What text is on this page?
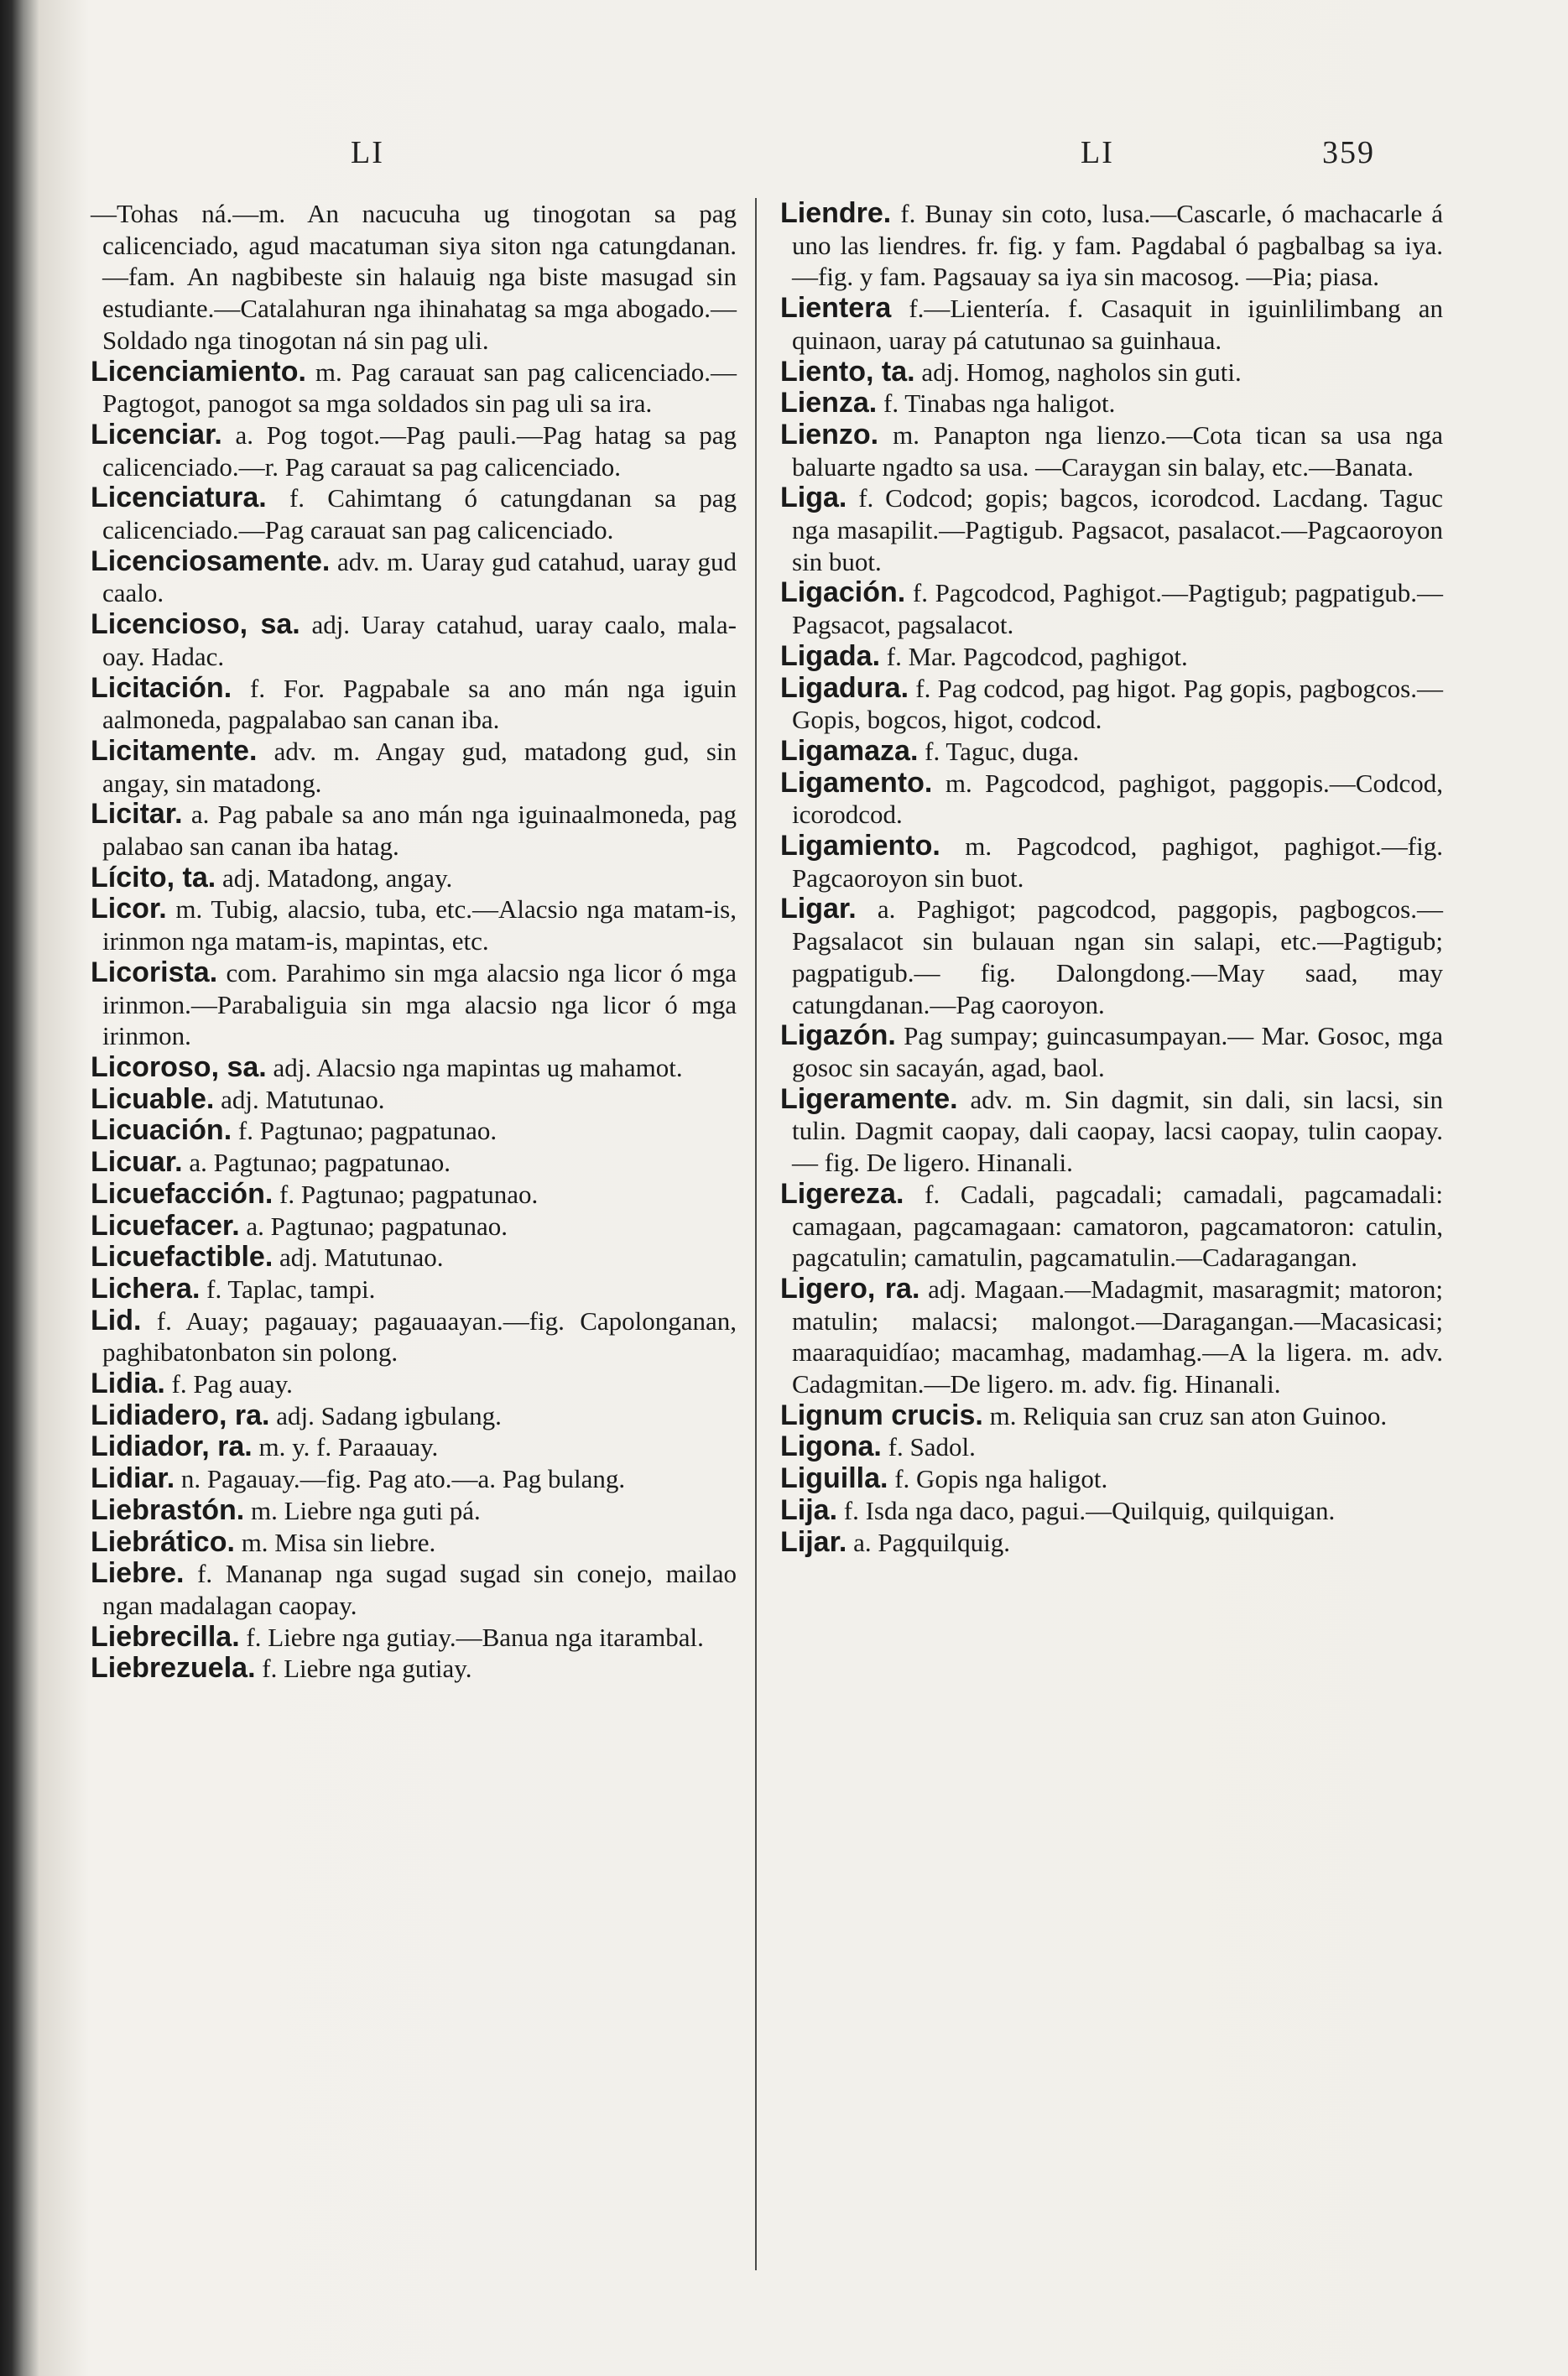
LI	LI	359

—Tohas ná.—m. An nacucuha ug tinogotan sa pag calicenciado, agud macatuman siya siton nga catungdanan.—fam. An nagbibeste sin halauig nga biste masugad sin estudiante.—Catalahuran nga ihinahatag sa mga abogado.—Soldado nga tinogotan ná sin pag uli.

Licenciamiento. m. Pag carauat san pag calicenciado.—Pagtogot, panogot sa mga soldados sin pag uli sa ira.

Licenciar. a. Pog togot.—Pag pauli.—Pag hatag sa pag calicenciado.—r. Pag carauat sa pag calicenciado.

Licenciatura. f. Cahimtang ó catungdanan sa pag calicenciado.—Pag carauat san pag calicenciado.

Licenciosamente. adv. m. Uaray gud catahud, uaray gud caalo.

Licencioso, sa. adj. Uaray catahud, uaray caalo, mala-oay. Hadac.

Licitación. f. For. Pagpabale sa ano mán nga iguin aalmoneda, pagpalabao san canan iba.

Licitamente. adv. m. Angay gud, matadong gud, sin angay, sin matadong.

Licitar. a. Pag pabale sa ano mán nga iguinaalmoneda, pag palabao san canan iba hatag.

Lícito, ta. adj. Matadong, angay.

Licor. m. Tubig, alacsio, tuba, etc.—Alacsio nga matam-is, irinmon nga matam-is, mapintas, etc.

Licorista. com. Parahimo sin mga alacsio nga licor ó mga irinmon.—Parabaliguia sin mga alacsio nga licor ó mga irinmon.

Licoroso, sa. adj. Alacsio nga mapintas ug mahamot.

Licuable. adj. Matutunao.

Licuación. f. Pagtunao; pagpatunao.

Licuar. a. Pagtunao; pagpatunao.

Licuefacción. f. Pagtunao; pagpatunao.

Licuefacer. a. Pagtunao; pagpatunao.

Licuefactible. adj. Matutunao.

Lichera. f. Taplac, tampi.

Lid. f. Auay; pagauay; pagauaayan.—fig. Capolonganan, paghibatonbaton sin polong.

Lidia. f. Pag auay.

Lidiadero, ra. adj. Sadang igbulang.

Lidiador, ra. m. y. f. Paraauay.

Lidiar. n. Pagauay.—fig. Pag ato.—a. Pag bulang.

Liebrastón. m. Liebre nga guti pá.

Liebrático. m. Misa sin liebre.

Liebre. f. Mananap nga sugad sugad sin conejo, mailao ngan madalagan caopay.

Liebrecilla. f. Liebre nga gutiay.—Banua nga itarambal.

Liebrezuela. f. Liebre nga gutiay.

Liendre. f. Bunay sin coto, lusa.—Cascarle, ó machacarle á uno las liendres. fr. fig. y fam. Pagdabal ó pagbalbag sa iya. —fig. y fam. Pagsauay sa iya sin macosog. —Pia; piasa.

Lientera f.—Lientería. f. Casaquit in iguinlilimbang an quinaon, uaray pá catutunao sa guinhaua.

Liento, ta. adj. Homog, nagholos sin guti.

Lienza. f. Tinabas nga haligot.

Lienzo. m. Panapton nga lienzo.—Cota tican sa usa nga baluarte ngadto sa usa. —Caraygan sin balay, etc.—Banata.

Liga. f. Codcod; gopis; bagcos, icorodcod. Lacdang. Taguc nga masapilit.—Pagtigub. Pagsacot, pasalacot.—Pagcaoroyon sin buot.

Ligación. f. Pagcodcod, Paghigot.—Pagtigub; pagpatigub.—Pagsacot, pagsalacot.

Ligada. f. Mar. Pagcodcod, paghigot.

Ligadura. f. Pag codcod, pag higot. Pag gopis, pagbogcos.—Gopis, bogcos, higot, codcod.

Ligamaza. f. Taguc, duga.

Ligamento. m. Pagcodcod, paghigot, paggopis.—Codcod, icorodcod.

Ligamiento. m. Pagcodcod, paghigot, paghigot.—fig. Pagcaoroyon sin buot.

Ligar. a. Paghigot; pagcodcod, paggopis, pagbogcos.—Pagsalacot sin bulauan ngan sin salapi, etc.—Pagtigub; pagpatigub.— fig. Dalongdong.—May saad, may catungdanan.—Pag caoroyon.

Ligazón. Pag sumpay; guincasumpayan.— Mar. Gosoc, mga gosoc sin sacayán, agad, baol.

Ligeramente. adv. m. Sin dagmit, sin dali, sin lacsi, sin tulin. Dagmit caopay, dali caopay, lacsi caopay, tulin caopay.— fig. De ligero. Hinanali.

Ligereza. f. Cadali, pagcadali; camadali, pagcamadali: camagaan, pagcamagaan: camatoron, pagcamatoron: catulin, pagcatulin; camatulin, pagcamatulin.—Cadaragangan.

Ligero, ra. adj. Magaan.—Madagmit, masaragmit; matoron; matulin; malacsi; malongot.—Daragangan.—Macasicasi; maaraquidíao; macamhag, madamhag.—A la ligera. m. adv. Cadagmitan.—De ligero. m. adv. fig. Hinanali.

Lignum crucis. m. Reliquia san cruz san aton Guinoo.

Ligona. f. Sadol.

Liguilla. f. Gopis nga haligot.

Lija. f. Isda nga daco, pagui.—Quilquig, quilquigan.

Lijar. a. Pagquilquig.
